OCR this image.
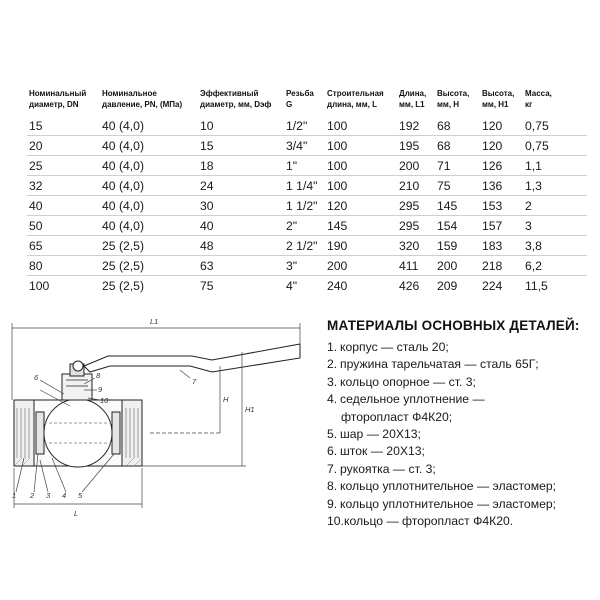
Номинальный
диаметр, DN	Номинальное
давление, PN, (МПа)	Эффективный
диаметр, мм, Dэф	Резьба
G	Строительная
длина, мм, L	Длина,
мм, L1	Высота,
мм, H	Высота,
мм, H1	Масса,
кг
15	40 (4,0)	10	1/2"	100	192	68	120	0,75
20	40 (4,0)	15	3/4"	100	195	68	120	0,75
25	40 (4,0)	18	1"	100	200	71	126	1,1
32	40 (4,0)	24	1 1/4"	100	210	75	136	1,3
40	40 (4,0)	30	1 1/2"	120	295	145	153	2
50	40 (4,0)	40	2"	145	295	154	157	3
65	25 (2,5)	48	2 1/2"	190	320	159	183	3,8
80	25 (2,5)	63	3"	200	411	200	218	6,2
100	25 (2,5)	75	4"	240	426	209	224	11,5
L1
L
H
H1
1 2 3 4 5
6	7
8
9
10
МАТЕРИАЛЫ ОСНОВНЫХ ДЕТАЛЕЙ:
1. корпус — сталь 20;
2. пружина тарельчатая — сталь 65Г;
3. кольцо опорное — ст. 3;
4. седельное уплотнение —
фторопласт Ф4К20;
5. шар — 20Х13;
6. шток — 20Х13;
7. рукоятка — ст. 3;
8. кольцо уплотнительное — эластомер;
9. кольцо уплотнительное — эластомер;
10. кольцо — фторопласт Ф4К20.
